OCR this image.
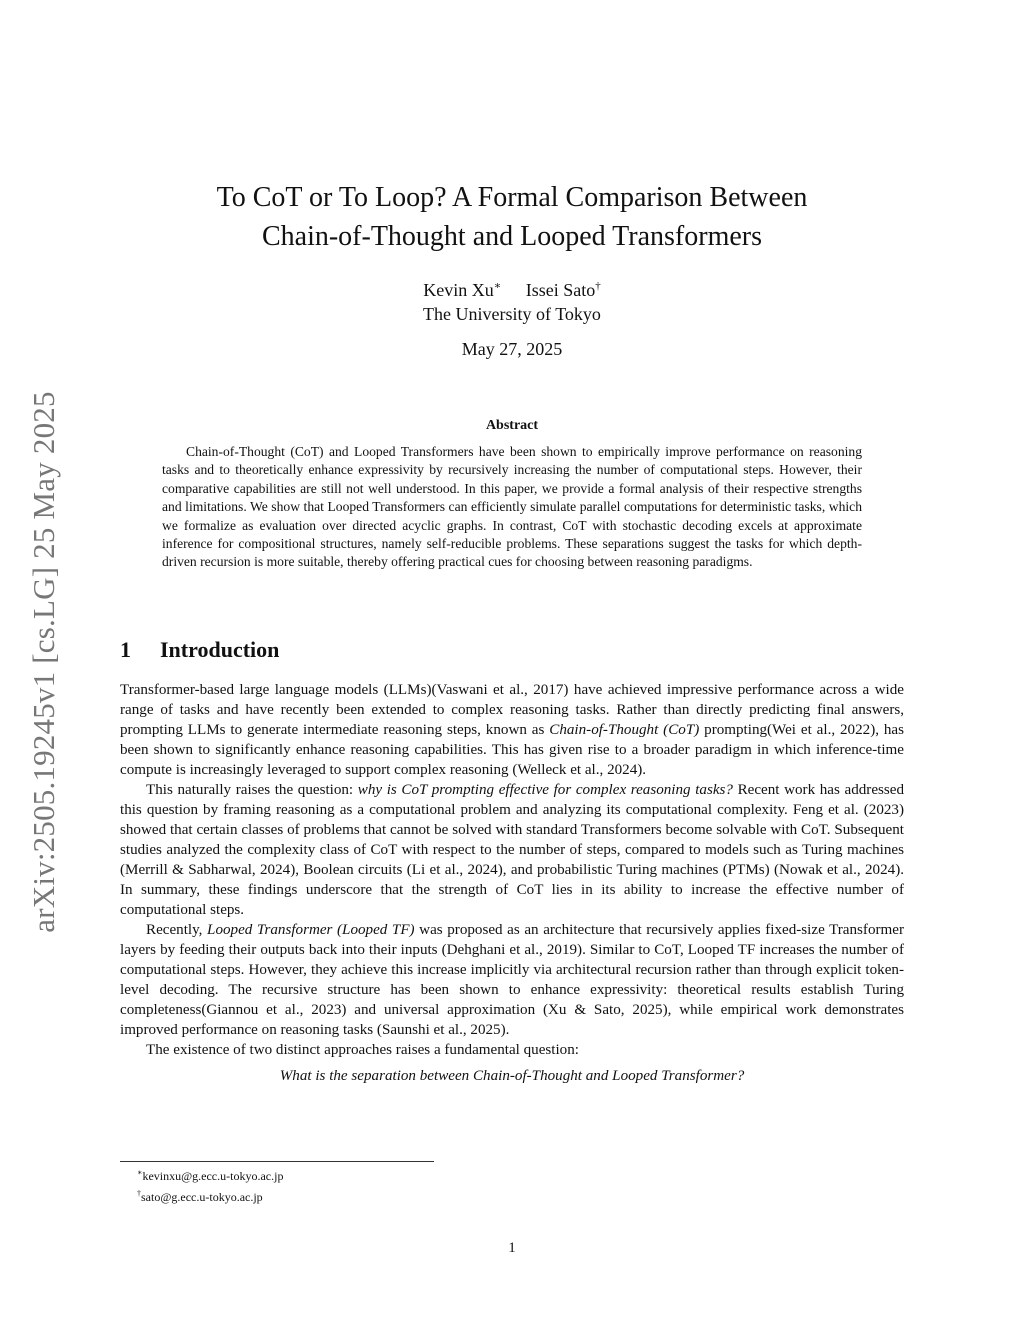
arXiv:2505.19245v1 [cs.LG] 25 May 2025
To CoT or To Loop? A Formal Comparison Between
Chain-of-Thought and Looped Transformers
Kevin Xu∗ Issei Sato†
The University of Tokyo
May 27, 2025
Abstract
Chain-of-Thought (CoT) and Looped Transformers have been shown to empirically improve performance on reasoning tasks and to theoretically enhance expressivity by recursively increasing the number of computational steps. However, their comparative capabilities are still not well understood. In this paper, we provide a formal analysis of their respective strengths and limitations. We show that Looped Transformers can efficiently simulate parallel computations for deterministic tasks, which we formalize as evaluation over directed acyclic graphs. In contrast, CoT with stochastic decoding excels at approximate inference for compositional structures, namely self-reducible problems. These separations suggest the tasks for which depth-driven recursion is more suitable, thereby offering practical cues for choosing between reasoning paradigms.
1 Introduction

Transformer-based large language models (LLMs)(Vaswani et al., 2017) have achieved impressive performance across a wide range of tasks and have recently been extended to complex reasoning tasks. Rather than directly predicting final answers, prompting LLMs to generate intermediate reasoning steps, known as Chain-of-Thought (CoT) prompting(Wei et al., 2022), has been shown to significantly enhance reasoning capabilities. This has given rise to a broader paradigm in which inference-time compute is increasingly leveraged to support complex reasoning (Welleck et al., 2024).

This naturally raises the question: why is CoT prompting effective for complex reasoning tasks? Recent work has addressed this question by framing reasoning as a computational problem and analyzing its computational complexity. Feng et al. (2023) showed that certain classes of problems that cannot be solved with standard Transformers become solvable with CoT. Subsequent studies analyzed the complexity class of CoT with respect to the number of steps, compared to models such as Turing machines (Merrill & Sabharwal, 2024), Boolean circuits (Li et al., 2024), and probabilistic Turing machines (PTMs) (Nowak et al., 2024). In summary, these findings underscore that the strength of CoT lies in its ability to increase the effective number of computational steps.

Recently, Looped Transformer (Looped TF) was proposed as an architecture that recursively applies fixed-size Transformer layers by feeding their outputs back into their inputs (Dehghani et al., 2019). Similar to CoT, Looped TF increases the number of computational steps. However, they achieve this increase implicitly via architectural recursion rather than through explicit token-level decoding. The recursive structure has been shown to enhance expressivity: theoretical results establish Turing completeness(Giannou et al., 2023) and universal approximation (Xu & Sato, 2025), while empirical work demonstrates improved performance on reasoning tasks (Saunshi et al., 2025).

The existence of two distinct approaches raises a fundamental question:

What is the separation between Chain-of-Thought and Looped Transformer?

∗kevinxu@g.ecc.u-tokyo.ac.jp
†sato@g.ecc.u-tokyo.ac.jp
1
